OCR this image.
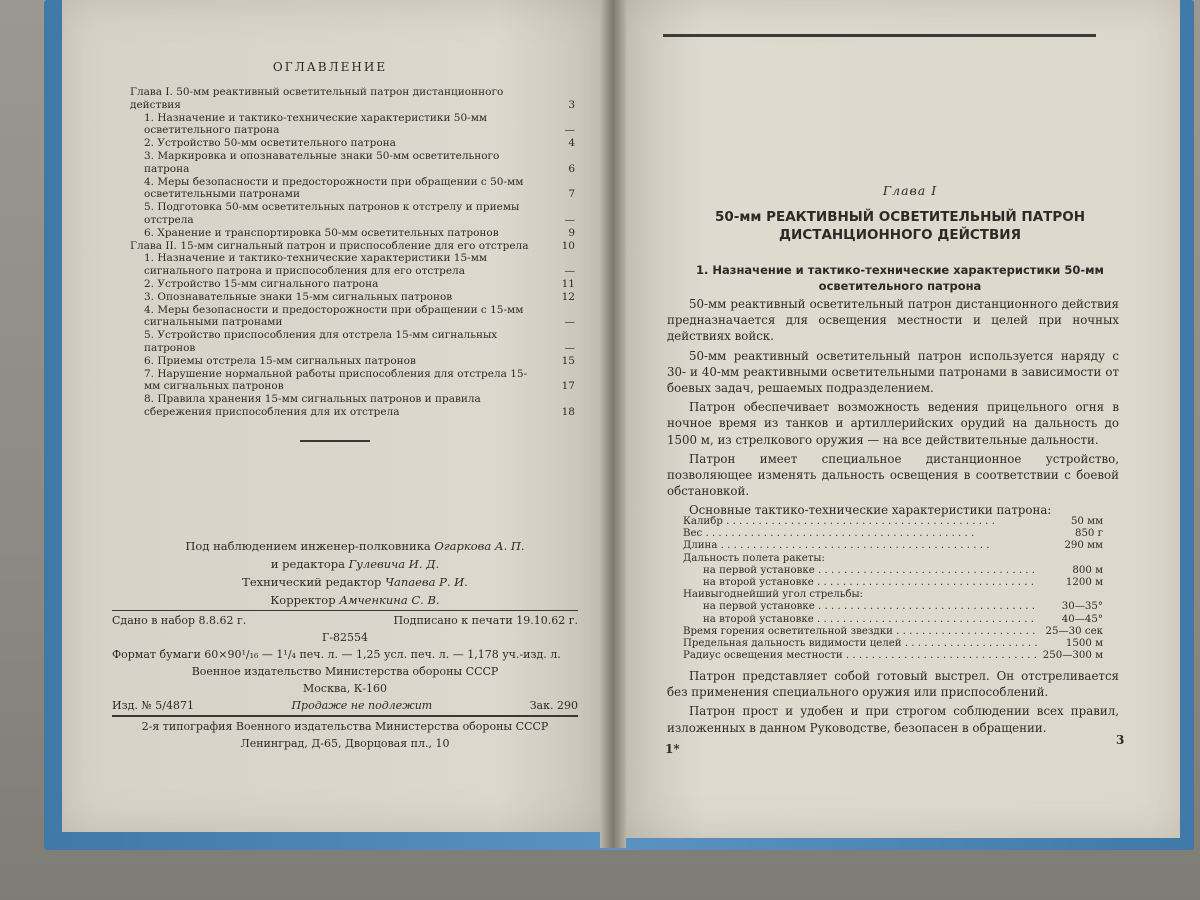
ОГЛАВЛЕНИЕ
Глава I. 50-мм реактивный осветительный патрон дистанционного действия	3
1. Назначение и тактико-технические характеристики 50-мм осветительного патрона	—
2. Устройство 50-мм осветительного патрона	4
3. Маркировка и опознавательные знаки 50-мм осветительного патрона	6
4. Меры безопасности и предосторожности при обращении с 50-мм осветительными патронами	7
5. Подготовка 50-мм осветительных патронов к отстрелу и приемы отстрела	—
6. Хранение и транспортировка 50-мм осветительных патронов	9
Глава II. 15-мм сигнальный патрон и приспособление для его отстрела	10
1. Назначение и тактико-технические характеристики 15-мм сигнального патрона и приспособления для его отстрела	—
2. Устройство 15-мм сигнального патрона	11
3. Опознавательные знаки 15-мм сигнальных патронов	12
4. Меры безопасности и предосторожности при обращении с 15-мм сигнальными патронами	—
5. Устройство приспособления для отстрела 15-мм сигнальных патронов	—
6. Приемы отстрела 15-мм сигнальных патронов	15
7. Нарушение нормальной работы приспособления для отстрела 15-мм сигнальных патронов	17
8. Правила хранения 15-мм сигнальных патронов и правила сбережения приспособления для их отстрела	18
Под наблюдением инженер-полковника Огаркова А. П.
и редактора Гулевича И. Д.
Технический редактор Чапаева Р. И.
Корректор Амченкина С. В.
Сдано в набор 8.8.62 г.	Подписано к печати 19.10.62 г.
Г-82554
Формат бумаги 60×90¹/₁₆ — 1¹/₄ печ. л. — 1,25 усл. печ. л. — 1,178 уч.-изд. л.
Военное издательство Министерства обороны СССР
Москва, К-160
Изд. № 5/4871	Продаже не подлежит	Зак. 290
2-я типография Военного издательства Министерства обороны СССР
Ленинград, Д-65, Дворцовая пл., 10
Глава I
50-мм РЕАКТИВНЫЙ ОСВЕТИТЕЛЬНЫЙ ПАТРОН ДИСТАНЦИОННОГО ДЕЙСТВИЯ
1. Назначение и тактико-технические характеристики 50-мм осветительного патрона

50-мм реактивный осветительный патрон дистанционного действия предназначается для освещения местности и целей при ночных действиях войск.

50-мм реактивный осветительный патрон используется наряду с 30- и 40-мм реактивными осветительными патронами в зависимости от боевых задач, решаемых подразделением.

Патрон обеспечивает возможность ведения прицельного огня в ночное время из танков и артиллерийских орудий на дальность до 1500 м, из стрелкового оружия — на все действительные дальности.

Патрон имеет специальное дистанционное устройство, позволяющее изменять дальность освещения в соответствии с боевой обстановкой.

Основные тактико-технические характеристики патрона:

Калибр . . .	50 мм
Вес . . .	850 г
Длина . . .	290 мм
Дальность полета ракеты:
на первой установке . . .	800 м
на второй установке . . .	1200 м
Наивыгоднейший угол стрельбы:
на первой установке . . .	30—35°
на второй установке . . .	40—45°
Время горения осветительной звездки . . .	25—30 сек
Предельная дальность видимости целей . . .	1500 м
Радиус освещения местности . . .	250—300 м

Патрон представляет собой готовый выстрел. Он отстреливается без применения специального оружия или приспособлений.

Патрон прост и удобен и при строгом соблюдении всех правил, изложенных в данном Руководстве, безопасен в обращении.

1*
3
